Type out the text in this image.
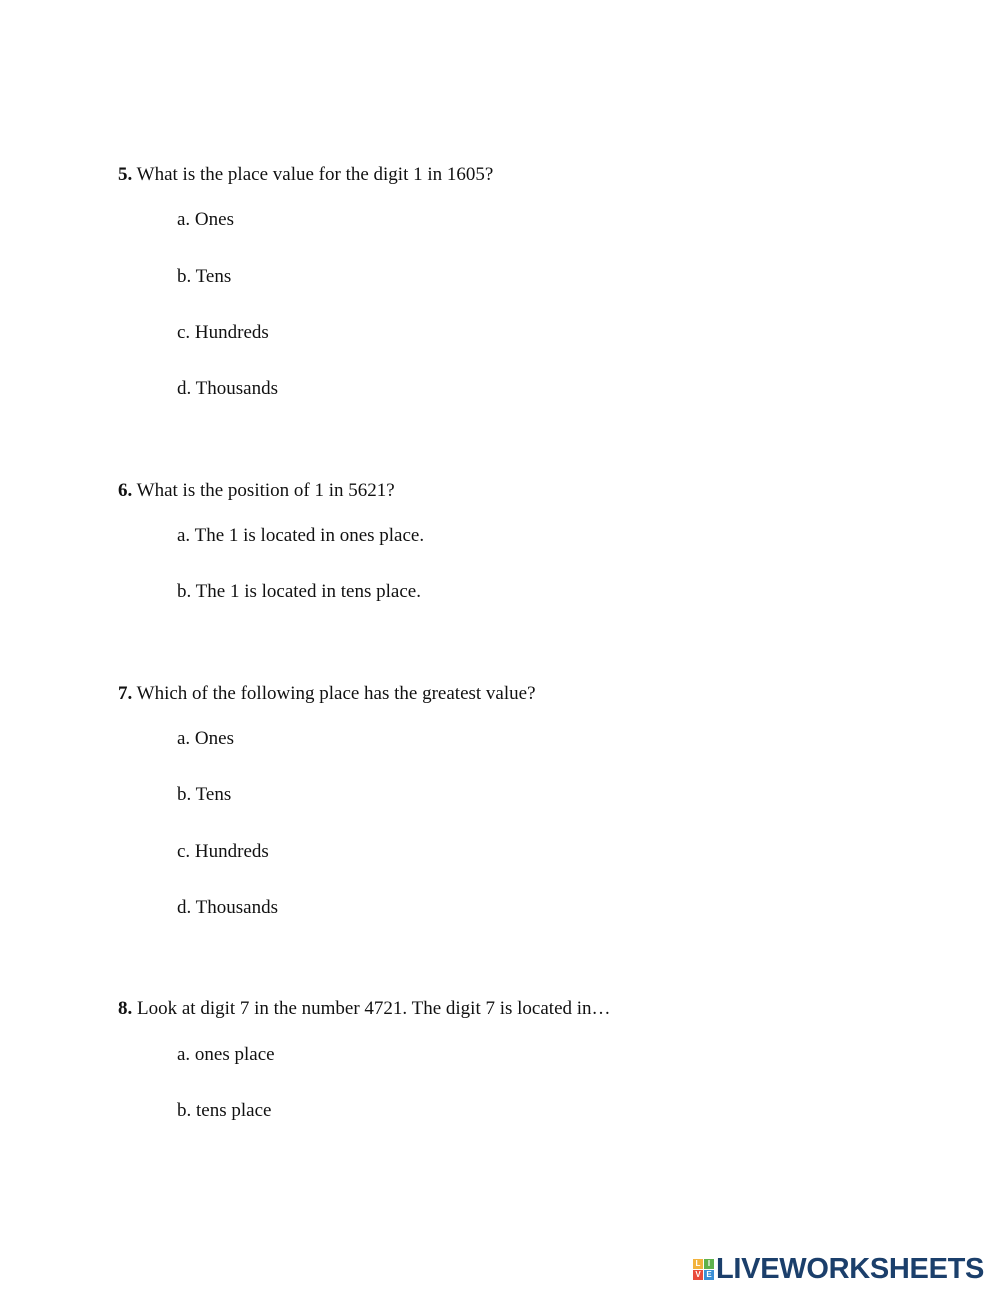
5. What is the place value for the digit 1 in 1605?
a. Ones
b. Tens
c. Hundreds
d. Thousands
6. What is the position of 1 in 5621?
a. The 1 is located in ones place.
b. The 1 is located in tens place.
7. Which of the following place has the greatest value?
a. Ones
b. Tens
c. Hundreds
d. Thousands
8. Look at digit 7 in the number 4721. The digit 7 is located in…
a. ones place
b. tens place
L I
V E LIVEWORKSHEETS
